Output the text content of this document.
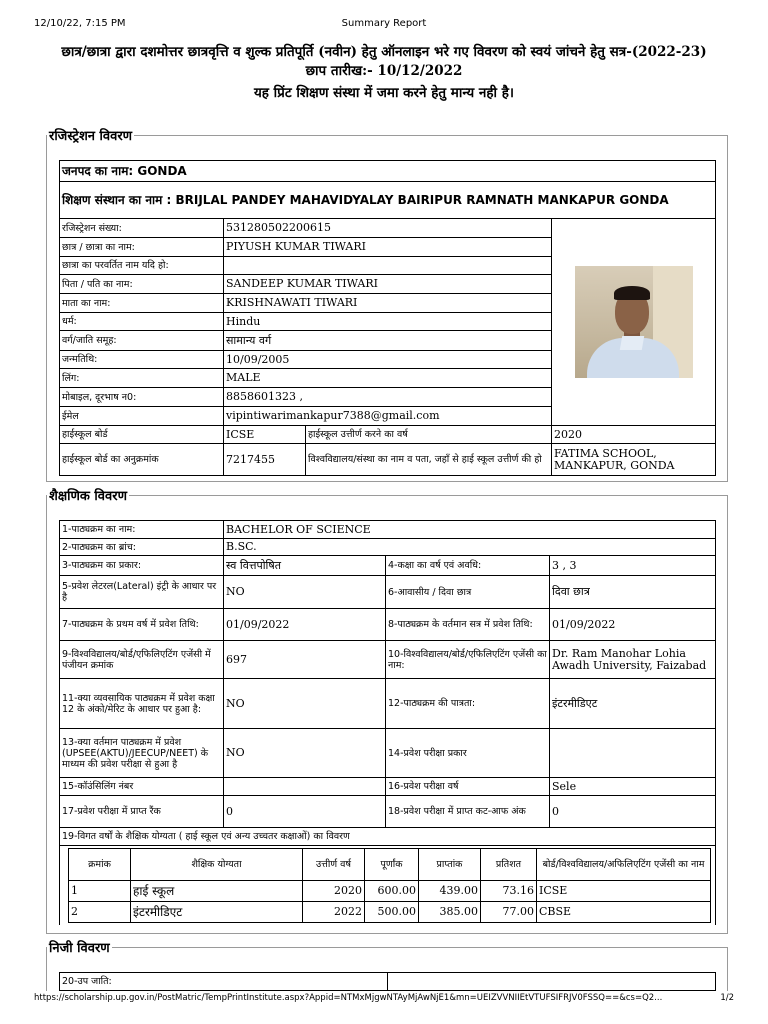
12/10/22, 7:15 PM	Summary Report
छात्र/छात्रा द्वारा दशमोत्तर छात्रवृत्ति व शुल्क प्रतिपूर्ति (नवीन) हेतु ऑनलाइन भरे गए विवरण को स्वयं जांचने हेतु सत्र-(2022-23)
छाप तारीख:- 10/12/2022
यह प्रिंट शिक्षण संस्था में जमा करने हेतु मान्य नही है।
रजिस्ट्रेशन विवरण
जनपद का नाम: GONDA			
शिक्षण संस्थान का नाम : BRIJLAL PANDEY MAHAVIDYALAY BAIRIPUR RAMNATH MANKAPUR GONDA			
रजिस्ट्रेशन संख्या:	531280502200615		

छात्र / छात्रा का नाम:	PIYUSH KUMAR TIWARI		
छात्रा का परवर्तित नाम यदि हो:			
पिता / पति का नाम:	SANDEEP KUMAR TIWARI		
माता का नाम:	KRISHNAWATI TIWARI		
धर्म:	Hindu		
वर्ग/जाति समूह:	सामान्य वर्ग		
जन्मतिथि:	10/09/2005		
लिंग:	MALE		
मोबाइल, दूरभाष न0:	8858601323 ,		
ईमेल	vipintiwarimankapur7388@gmail.com		
हाईस्कूल बोर्ड	ICSE	हाईस्कूल उत्तीर्ण करने का वर्ष	2020
हाईस्कूल बोर्ड का अनुक्रमांक	7217455	विश्वविद्यालय/संस्था का नाम व पता, जहाँ से हाई स्कूल उत्तीर्ण की हो	FATIMA SCHOOL, MANKAPUR, GONDA
शैक्षणिक विवरण
1-पाठ्यक्रम का नाम:	BACHELOR OF SCIENCE
2-पाठ्यक्रम का ब्रांच:	B.SC.
3-पाठ्यक्रम का प्रकार:	स्व वित्तपोषित	4-कक्षा का वर्ष एवं अवधि:	3 , 3
5-प्रवेश लेटरल(Lateral) इंट्री के आधार पर है	NO	6-आवासीय / दिवा छात्र	दिवा छात्र
7-पाठ्यक्रम के प्रथम वर्ष में प्रवेश तिथि:	01/09/2022	8-पाठ्यक्रम के वर्तमान सत्र में प्रवेश तिथि:	01/09/2022
9-विश्वविद्यालय/बोर्ड/एफिलिएटिंग एजेंसी में पंजीयन क्रमांक	697	10-विश्वविद्यालय/बोर्ड/एफिलिएटिंग एजेंसी का नाम:	Dr. Ram Manohar Lohia Awadh University, Faizabad
11-क्या व्यवसायिक पाठ्यक्रम में प्रवेश कक्षा 12 के अंको/मेरिट के आधार पर हुआ है:	NO	12-पाठ्यक्रम की पात्रता:	इंटरमीडिएट
13-क्या वर्तमान पाठ्यक्रम में प्रवेश (UPSEE(AKTU)/JEECUP/NEET) के माध्यम की प्रवेश परीक्षा से हुआ है	NO	14-प्रवेश परीक्षा प्रकार	
15-कॉउंसिलिंग नंबर		16-प्रवेश परीक्षा वर्ष	Sele
17-प्रवेश परीक्षा में प्राप्त रैंक	0	18-प्रवेश परीक्षा में प्राप्त कट-आफ अंक	0
19-विगत वर्षों के शैक्षिक योग्यता ( हाई स्कूल एवं अन्य उच्चतर कक्षाओं) का विवरण

क्रमांक	शैक्षिक योग्यता	उत्तीर्ण वर्ष	पूर्णांक	प्राप्तांक	प्रतिशत	बोर्ड/विश्वविद्यालय/अफिलिएटिंग एजेंसी का नाम
1	हाई स्कूल	2020	600.00	439.00	73.16	ICSE
2	इंटरमीडिएट	2022	500.00	385.00	77.00	CBSE
निजी विवरण
20-उप जाति:	
https://scholarship.up.gov.in/PostMatric/TempPrintInstitute.aspx?Appid=NTMxMjgwNTAyMjAwNjE1&mn=UEIZVVNIIEtVTUFSIFRJV0FSSQ==&cs=Q2...	1/2
